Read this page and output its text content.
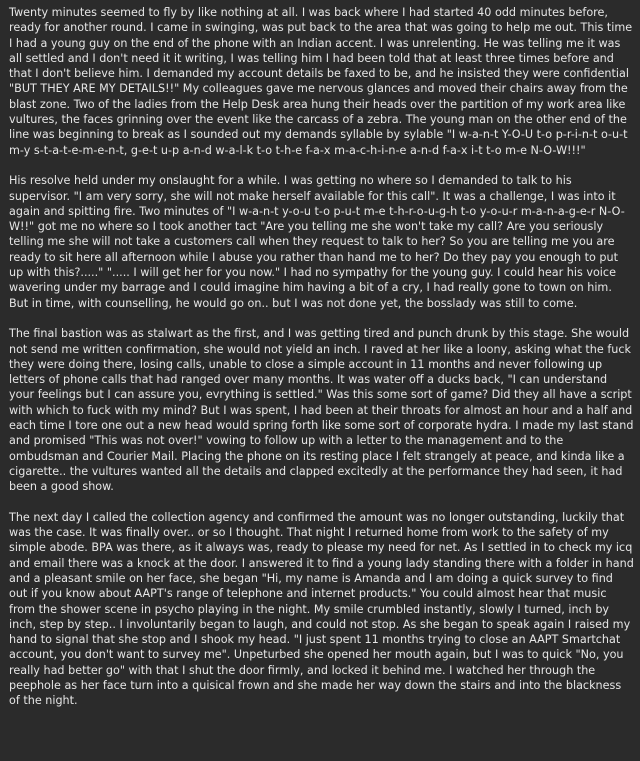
Twenty minutes seemed to fly by like nothing at all. I was back where I had started 40 odd minutes before, ready for another round. I came in swinging, was put back to the area that was going to help me out. This time I had a young guy on the end of the phone with an Indian accent. I was unrelenting. He was telling me it was all settled and I don't need it it writing, I was telling him I had been told that at least three times before and that I don't believe him. I demanded my account details be faxed to be, and he insisted they were confidential "BUT THEY ARE MY DETAILS!!" My colleagues gave me nervous glances and moved their chairs away from the blast zone. Two of the ladies from the Help Desk area hung their heads over the partition of my work area like vultures, the faces grinning over the event like the carcass of a zebra. The young man on the other end of the line was beginning to break as I sounded out my demands syllable by sylable "I w-a-n-t Y-O-U t-o p-r-i-n-t o-u-t m-y s-t-a-t-e-m-e-n-t, g-e-t u-p a-n-d w-a-l-k t-o t-h-e f-a-x m-a-c-h-i-n-e a-n-d f-a-x i-t t-o m-e N-O-W!!!"

His resolve held under my onslaught for a while. I was getting no where so I demanded to talk to his supervisor. "I am very sorry, she will not make herself available for this call". It was a challenge, I was into it again and spitting fire. Two minutes of "I w-a-n-t y-o-u t-o p-u-t m-e t-h-r-o-u-g-h t-o y-o-u-r m-a-n-a-g-e-r N-O-W!!" got me no where so I took another tact "Are you telling me she won't take my call? Are you seriously telling me she will not take a customers call when they request to talk to her? So you are telling me you are ready to sit here all afternoon while I abuse you rather than hand me to her? Do they pay you enough to put up with this?....." "..... I will get her for you now." I had no sympathy for the young guy. I could hear his voice wavering under my barrage and I could imagine him having a bit of a cry, I had really gone to town on him. But in time, with counselling, he would go on.. but I was not done yet, the bosslady was still to come.

The final bastion was as stalwart as the first, and I was getting tired and punch drunk by this stage. She would not send me written confirmation, she would not yield an inch. I raved at her like a loony, asking what the fuck they were doing there, losing calls, unable to close a simple account in 11 months and never following up letters of phone calls that had ranged over many months. It was water off a ducks back, "I can understand your feelings but I can assure you, evrything is settled." Was this some sort of game? Did they all have a script with which to fuck with my mind? But I was spent, I had been at their throats for almost an hour and a half and each time I tore one out a new head would spring forth like some sort of corporate hydra. I made my last stand and promised "This was not over!" vowing to follow up with a letter to the management and to the ombudsman and Courier Mail. Placing the phone on its resting place I felt strangely at peace, and kinda like a cigarette.. the vultures wanted all the details and clapped excitedly at the performance they had seen, it had been a good show.

The next day I called the collection agency and confirmed the amount was no longer outstanding, luckily that was the case. It was finally over.. or so I thought. That night I returned home from work to the safety of my simple abode. BPA was there, as it always was, ready to please my need for net. As I settled in to check my icq and email there was a knock at the door. I answered it to find a young lady standing there with a folder in hand and a pleasant smile on her face, she began "Hi, my name is Amanda and I am doing a quick survey to find out if you know about AAPT's range of telephone and internet products." You could almost hear that music from the shower scene in psycho playing in the night. My smile crumbled instantly, slowly I turned, inch by inch, step by step.. I involuntarily began to laugh, and could not stop. As she began to speak again I raised my hand to signal that she stop and I shook my head. "I just spent 11 months trying to close an AAPT Smartchat account, you don't want to survey me". Unpeturbed she opened her mouth again, but I was to quick "No, you really had better go" with that I shut the door firmly, and locked it behind me. I watched her through the peephole as her face turn into a quisical frown and she made her way down the stairs and into the blackness of the night.
